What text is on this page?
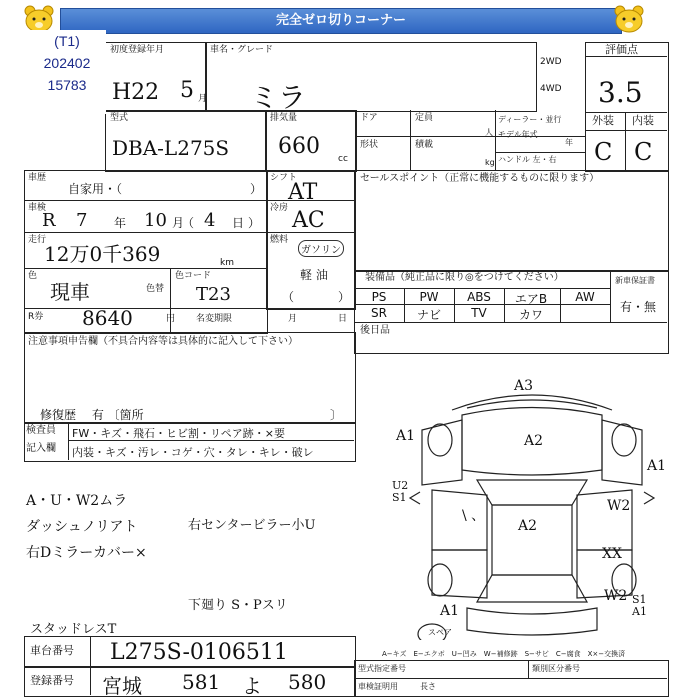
完全ゼロ切りコーナー
初度登録年月	車名・グレード
2WD
4WD
評価点
外装 内装
H22 5 月 ミラ	3.5
C C
型式
DBA-L275S
排気量
660 cc
ドア	定員
形状	積載
人
kg
ディーラー・並行
モデル年式
年
ハンドル 左・右
車歴
自家用・（	）
車検
R 7 年 10 月
（ 4 日 ）
走行
12万0千369	km
色
現車	色替
色コード
T23
R券 8640	円 名変期限	月	日
シフト
AT
冷房 AC
燃料
ガソリン
軽 油
（	）
セールスポイント（正常に機能するものに限ります）
装備品（純正品に限り◎をつけてください）	新車保証書
有・無
PS	PW	ABS	エアB	AW
SR	ナビ	TV	カワ
後日品
注意事項申告欄（不具合内容等は具体的に記入して下さい）
修復歴　 有 〔箇所	〕
検査員
記入欄
FW・キズ・飛石・ヒビ割・リペア跡・×要
内装・キズ・汚レ・コゲ・穴・タレ・キレ・破レ
A・U・W2ムラ
ダッシュノリアト
右Dミラーカバー×
右センタービラー小U
下廻り S・Pスリ
スタッドレスT
A3
A2
A1
A1
W2
A2
XX
\ 、
A1
W2
U2
S1
S1
A1
スペア
A−キズ　E−エクボ　U−凹み　W−補修跡　S−サビ　C−腐食　X×−交換済
車台番号 L275S-0106511
登録番号 宮城 581 よ 580
型式指定番号	類別区分番号
車検証明用	長さ
(T1)
202402
15783
